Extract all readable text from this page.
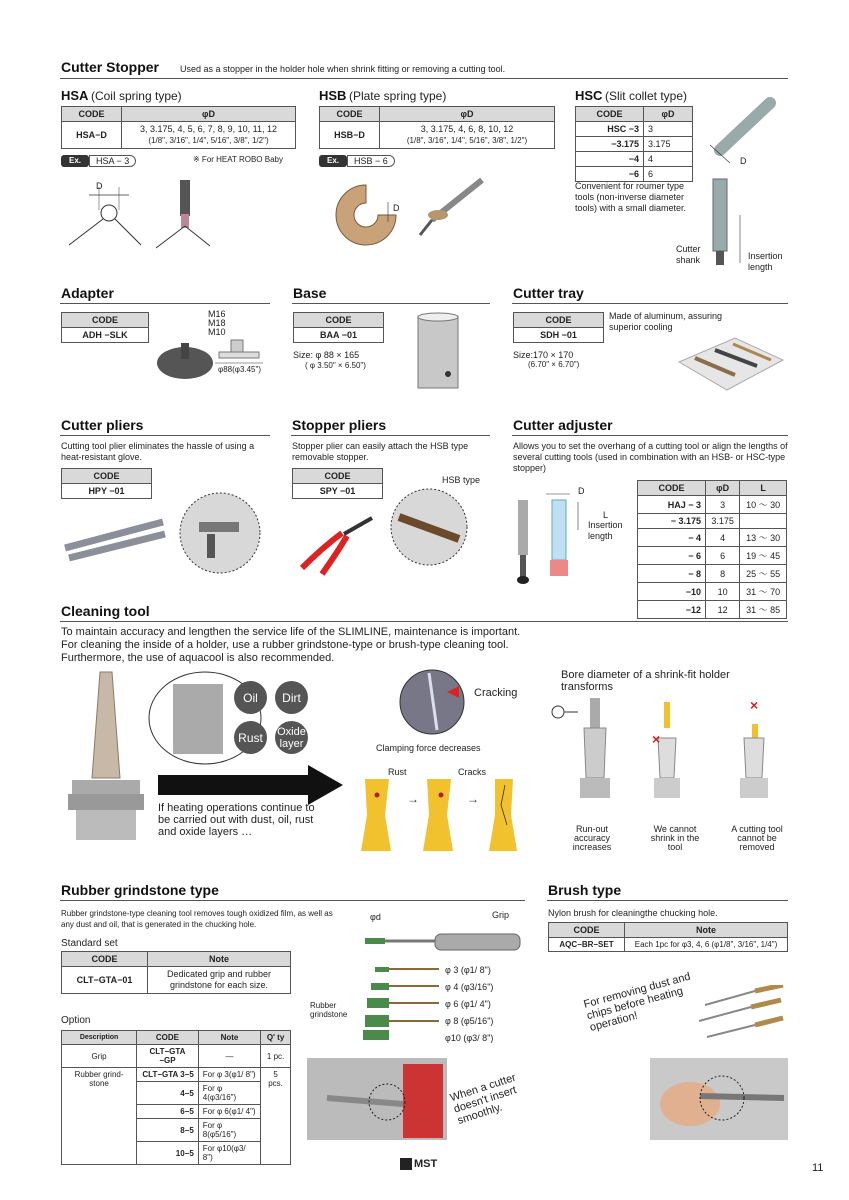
Cutter Stopper Used as a stopper in the holder hole when shrink fitting or removing a cutting tool.
HSA (Coil spring type)
CODE	φD
HSA−D	3, 3.175, 4, 5, 6, 7, 8, 9, 10, 11, 12
(1/8", 3/16", 1/4", 5/16", 3/8", 1/2")
Ex.	HSA − 3	※ For HEAT ROBO Baby
D
HSB (Plate spring type)
CODE	φD
HSB−D	3, 3.175, 4, 6, 8, 10, 12
(1/8", 3/16", 1/4", 5/16", 3/8", 1/2")
Ex.	HSB − 6
D
HSC (Slit collet type)
CODE	φD
HSC −3	3
−3.175	3.175
−4	4
−6	6
Convenient for roumer type tools (non-inverse diameter tools) with a small diameter.
D
Cutter shank	Insertion length
Adapter
CODE
ADH −SLK
M16
M18
M10
φ88(φ3.45")
Base
CODE
BAA −01
Size: φ 88 × 165
( φ 3.50" × 6.50")
Cutter tray
CODE
SDH −01
Made of aluminum, assuring superior cooling
Size:170 × 170
(6.70" × 6.70")
Cutter pliers
Cutting tool plier eliminates the hassle of using a heat-resistant glove.
CODE
HPY −01
Stopper pliers
Stopper plier can easily attach the HSB type removable stopper.
CODE
SPY −01
HSB type
Cutter adjuster
Allows you to set the overhang of a cutting tool or align the lengths of several cutting tools (used in combination with an HSB- or HSC-type stopper)
D
L
Insertion length
CODE	φD	L
HAJ − 3	3	10 ～ 30
− 3.175	3.175	
− 4	4	13 ～ 30
− 6	6	19 ～ 45
− 8	8	25 ～ 55
−10	10	31 ～ 70
−12	12	31 ～ 85
Cleaning tool
To maintain accuracy and lengthen the service life of the SLIMLINE, maintenance is important.
For cleaning the inside of a holder, use a rubber grindstone-type or brush-type cleaning tool.
Furthermore, the use of aquacool is also recommended.
Oil	Dirt
Rust	Oxide layer
If heating operations continue to be carried out with dust, oil, rust and oxide layers …
Cracking
Clamping force decreases
Rust	Cracks
→	→
Bore diameter of a shrink-fit holder transforms
×
×
Run-out accuracy increases
We cannot shrink in the tool
A cutting tool cannot be removed
Rubber grindstone type
Rubber grindstone-type cleaning tool removes tough oxidized film, as well as any dust and oil, that is generated in the chucking hole.
Standard set
CODE	Note
CLT−GTA−01	Dedicated grip and rubber grindstone for each size.
Option
Description	CODE	Note	Q' ty
Grip	CLT−GTA −GP	—	1 pc.
Rubber grind-stone	CLT−GTA 3−5	For φ 3(φ1/ 8")	5 pcs.
	4−5	For φ 4(φ3/16")	
	6−5	For φ 6(φ1/ 4")	
	8−5	For φ 8(φ5/16")	
	10−5	For φ10(φ3/ 8")	
φd	Grip
φ 3 (φ1/ 8")
φ 4 (φ3/16")
φ 6 (φ1/ 4")
φ 8 (φ5/16")
φ10 (φ3/ 8")
Rubber grindstone
When a cutter doesn't insert smoothly.
Brush type
Nylon brush for cleaningthe chucking hole.
CODE	Note
AQC−BR−SET	Each 1pc for φ3, 4, 6 (φ1/8", 3/16", 1/4")
For removing dust and chips before heating operation!
MST	11
